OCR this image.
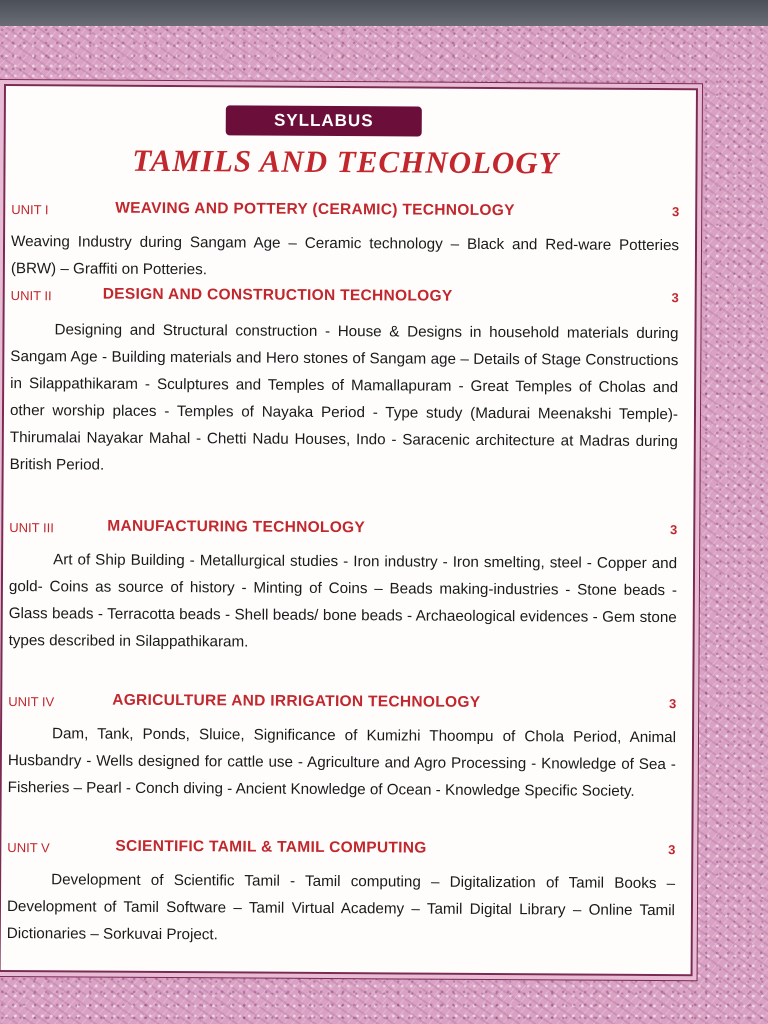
SYLLABUS
TAMILS AND TECHNOLOGY
UNIT I	WEAVING AND POTTERY (CERAMIC) TECHNOLOGY	3
Weaving Industry during Sangam Age – Ceramic technology – Black and Red-ware Potteries (BRW) – Graffiti on Potteries.
UNIT II	DESIGN AND CONSTRUCTION TECHNOLOGY	3
Designing and Structural construction - House & Designs in household materials during Sangam Age - Building materials and Hero stones of Sangam age – Details of Stage Constructions in Silappathikaram - Sculptures and Temples of Mamallapuram - Great Temples of Cholas and other worship places - Temples of Nayaka Period - Type study (Madurai Meenakshi Temple)- Thirumalai Nayakar Mahal - Chetti Nadu Houses, Indo - Saracenic architecture at Madras during British Period.
UNIT III	MANUFACTURING TECHNOLOGY	3
Art of Ship Building - Metallurgical studies - Iron industry - Iron smelting, steel - Copper and gold- Coins as source of history - Minting of Coins – Beads making-industries - Stone beads - Glass beads - Terracotta beads - Shell beads/ bone beads - Archaeological evidences - Gem stone types described in Silappathikaram.
UNIT IV	AGRICULTURE AND IRRIGATION TECHNOLOGY	3
Dam, Tank, Ponds, Sluice, Significance of Kumizhi Thoompu of Chola Period, Animal Husbandry - Wells designed for cattle use - Agriculture and Agro Processing - Knowledge of Sea - Fisheries – Pearl - Conch diving - Ancient Knowledge of Ocean - Knowledge Specific Society.
UNIT V	SCIENTIFIC TAMIL & TAMIL COMPUTING	3
Development of Scientific Tamil - Tamil computing – Digitalization of Tamil Books – Development of Tamil Software – Tamil Virtual Academy – Tamil Digital Library – Online Tamil Dictionaries – Sorkuvai Project.
